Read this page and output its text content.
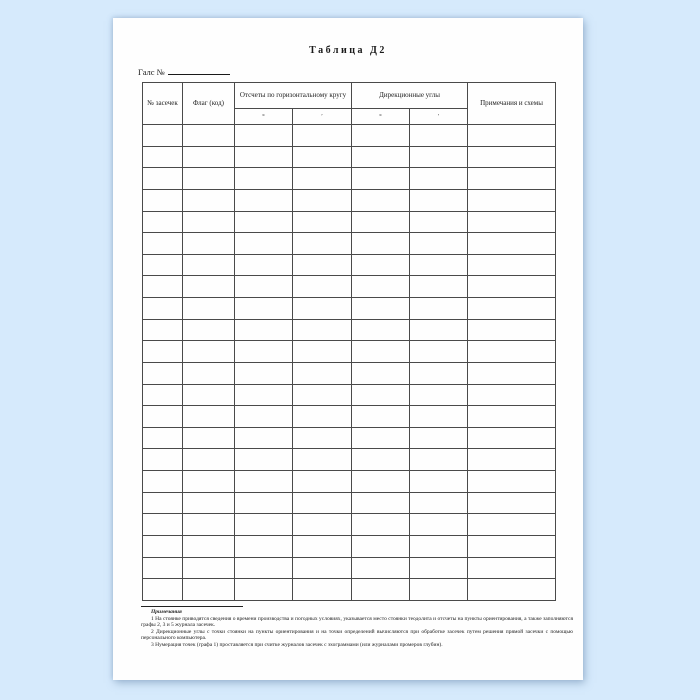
Таблица Д2
Галс №
№ засечек	Флаг (код)	Отсчеты по горизонтальному кругу		Дирекционные углы		Примечания и схемы
		°	′	°	′	

Примечания

1 На стоянке приводятся сведения о времени производства и погодных условиях, указывается место стоянки теодолита и отсчеты на пункты ориентирования, а также заполняются графы 2, 3 и 5 журнала засечек.

2 Дирекционные углы с точки стоянки на пункты ориентирования и на точки определений вычисляются при обработке засечек путем решения прямой засечки с помощью персонального компьютера.

3 Нумерация точек (графа 1) проставляется при считке журналов засечек с эхограммами (или журналами промеров глубин).
